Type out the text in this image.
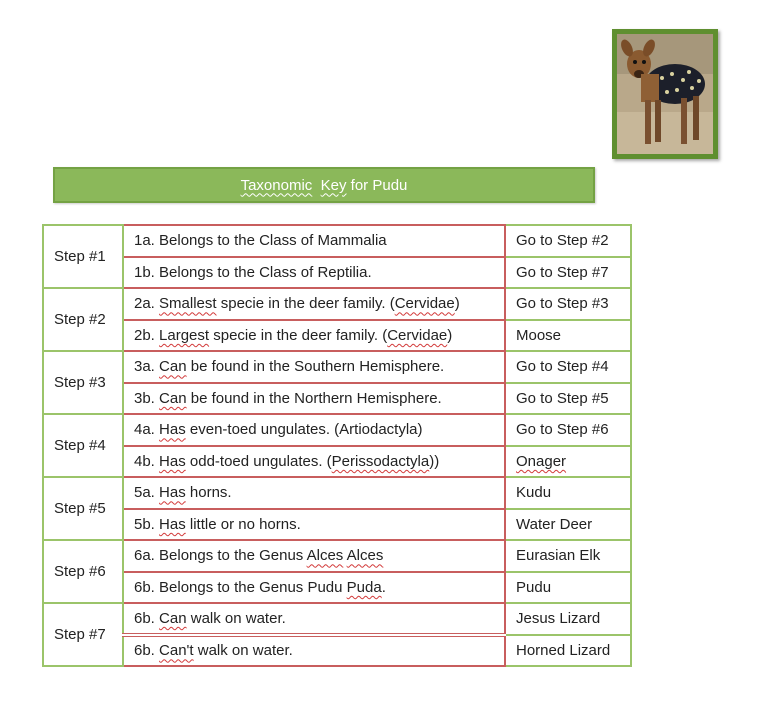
Taxonomic Key for Pudu
Step #1	1a. Belongs to the Class of Mammalia	Go to Step #2
	1b. Belongs to the Class of Reptilia.	Go to Step #7
Step #2	2a. Smallest specie in the deer family. (Cervidae)	Go to Step #3
	2b. Largest specie in the deer family. (Cervidae)	Moose
Step #3	3a. Can be found in the Southern Hemisphere.	Go to Step #4
	3b. Can be found in the Northern Hemisphere.	Go to Step #5
Step #4	4a. Has even-toed ungulates. (Artiodactyla)	Go to Step #6
	4b. Has odd-toed ungulates. (Perissodactyla))	Onager
Step #5	5a. Has horns.	Kudu
	5b. Has little or no horns.	Water Deer
Step #6	6a. Belongs to the Genus Alces Alces	Eurasian Elk
	6b. Belongs to the Genus Pudu Puda.	Pudu
Step #7	6b. Can walk on water.	Jesus Lizard
	6b. Can't walk on water.	Horned Lizard
